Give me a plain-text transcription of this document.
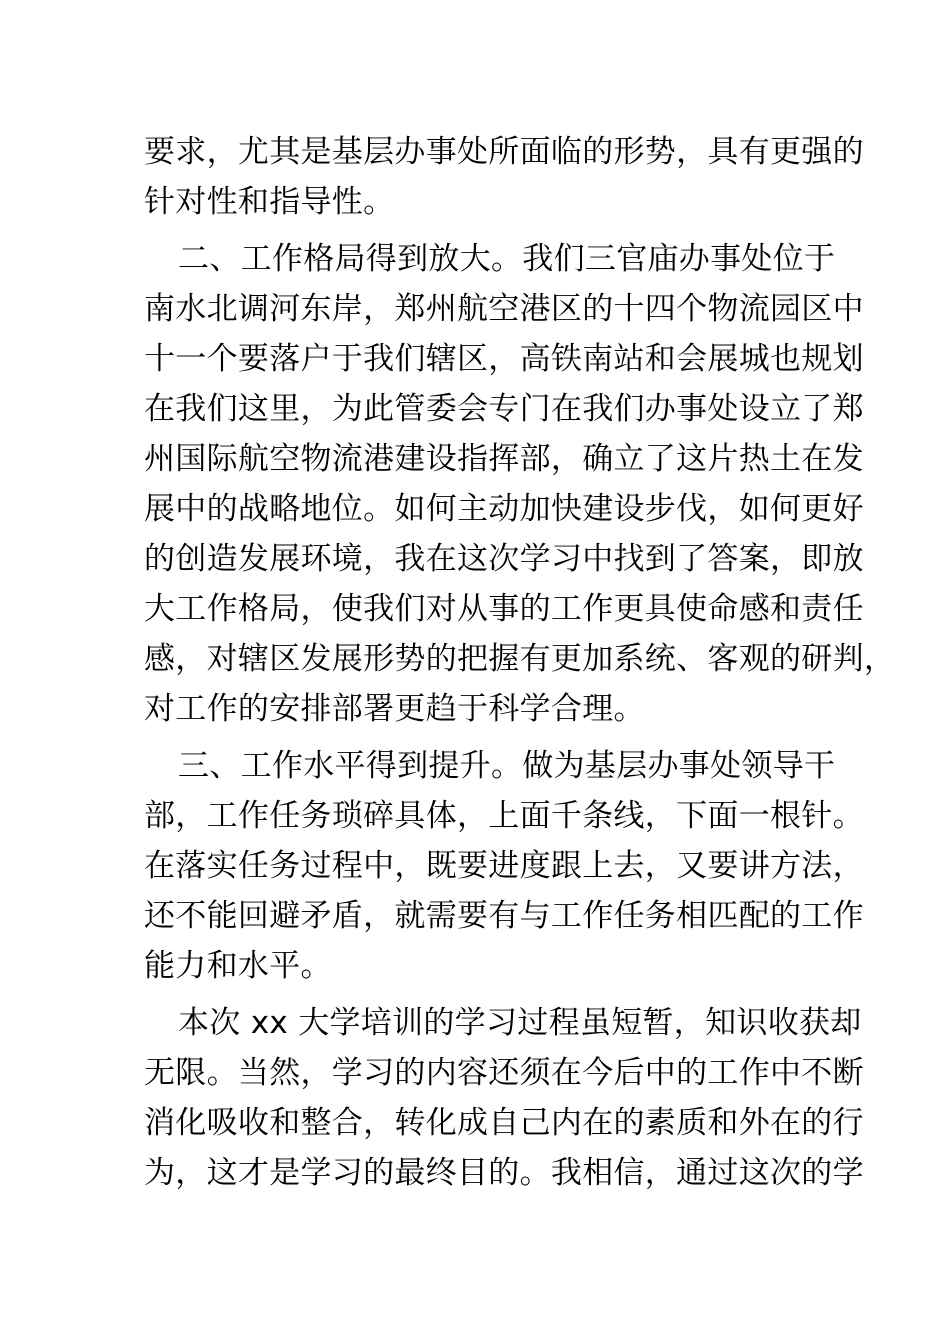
要求，尤其是基层办事处所面临的形势，具有更强的
针对性和指导性。
二、工作格局得到放大。我们三官庙办事处位于
南水北调河东岸，郑州航空港区的十四个物流园区中
十一个要落户于我们辖区，高铁南站和会展城也规划
在我们这里，为此管委会专门在我们办事处设立了郑
州国际航空物流港建设指挥部，确立了这片热土在发
展中的战略地位。如何主动加快建设步伐，如何更好
的创造发展环境，我在这次学习中找到了答案，即放
大工作格局，使我们对从事的工作更具使命感和责任
感，对辖区发展形势的把握有更加系统、客观的研判，
对工作的安排部署更趋于科学合理。
三、工作水平得到提升。做为基层办事处领导干
部，工作任务琐碎具体，上面千条线，下面一根针。
在落实任务过程中，既要进度跟上去，又要讲方法，
还不能回避矛盾，就需要有与工作任务相匹配的工作
能力和水平。
本次 xx 大学培训的学习过程虽短暂，知识收获却
无限。当然，学习的内容还须在今后中的工作中不断
消化吸收和整合，转化成自己内在的素质和外在的行
为，这才是学习的最终目的。我相信，通过这次的学
